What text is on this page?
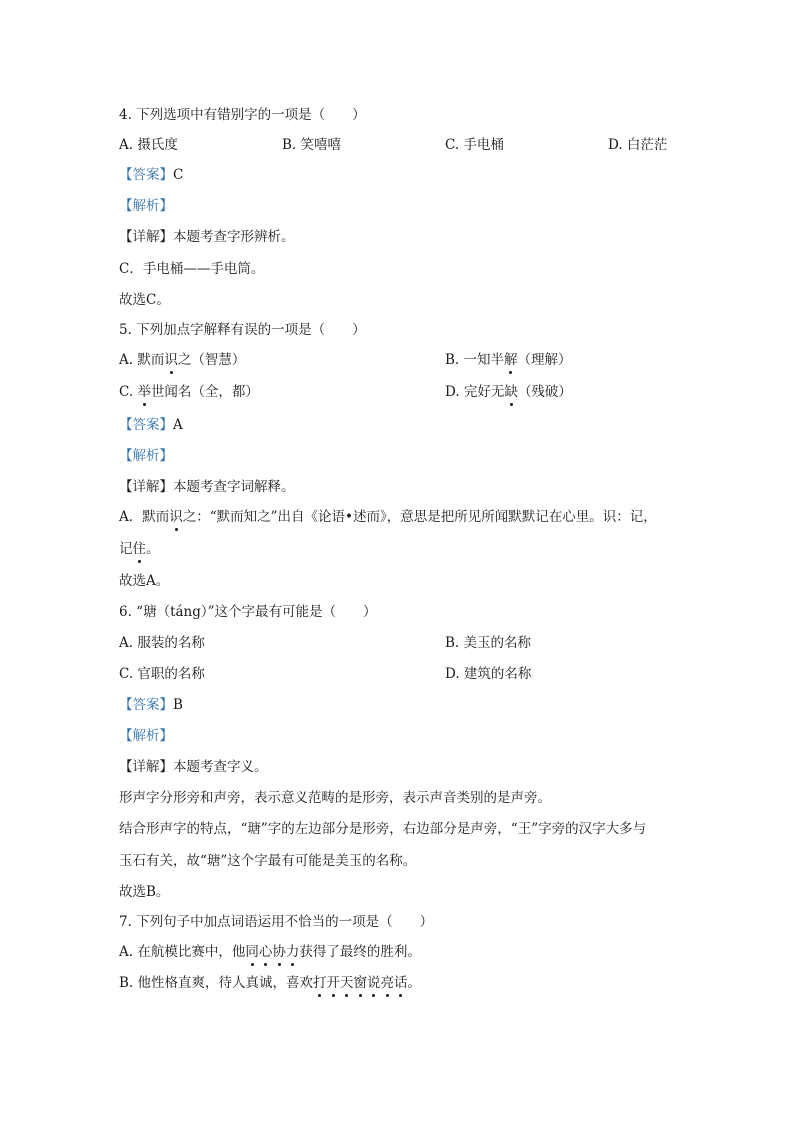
4. 下列选项中有错别字的一项是（　　）
A. 摄氏度	B. 笑嘻嘻	C. 手电桶	D. 白茫茫
【答案】C
【解析】
【详解】本题考查字形辨析。
C．手电桶——手电筒。
故选C。
5. 下列加点字解释有误的一项是（　　）
A. 默而识之（智慧）	B. 一知半解（理解）
C. 举世闻名（全，都）	D. 完好无缺（残破）
【答案】A
【解析】
【详解】本题考查字词解释。
A．默而识之：“默而知之”出自《论语•述而》，意思是把所见所闻默默记在心里。识：记，
记住。
故选A。
6. “瑭（táng）”这个字最有可能是（　　）
A. 服装的名称	B. 美玉的名称
C. 官职的名称	D. 建筑的名称
【答案】B
【解析】
【详解】本题考查字义。
形声字分形旁和声旁，表示意义范畴的是形旁，表示声音类别的是声旁。
结合形声字的特点，“瑭”字的左边部分是形旁，右边部分是声旁，“王”字旁的汉字大多与
玉石有关，故“瑭”这个字最有可能是美玉的名称。
故选B。
7. 下列句子中加点词语运用不恰当的一项是（　　）
A. 在航模比赛中，他同心协力获得了最终的胜利。
B. 他性格直爽，待人真诚，喜欢打开天窗说亮话。
